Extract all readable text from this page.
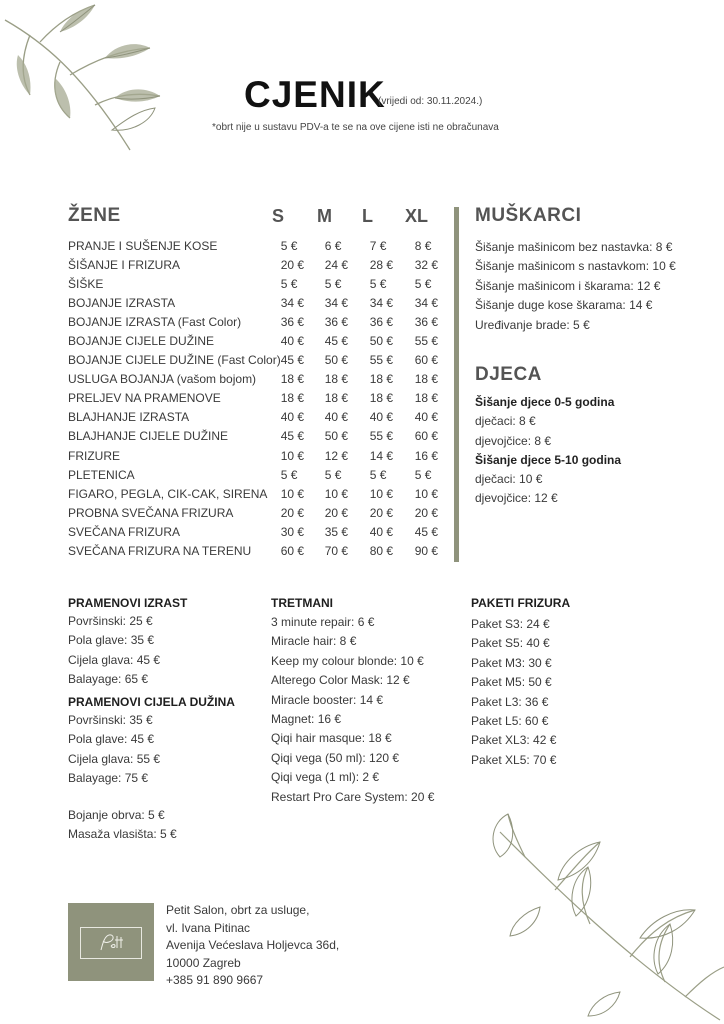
CJENIK
(vrijedi od: 30.11.2024.)
*obrt nije u sustavu PDV-a te se na ove cijene isti ne obračunava
ŽENE	S M L XL
PRANJE I SUŠENJE KOSE	5 €	6 €	7 €	8 €
ŠIŠANJE I FRIZURA	20 €	24 €	28 €	32 €
ŠIŠKE	5 €	5 €	5 €	5 €
BOJANJE IZRASTA	34 €	34 €	34 €	34 €
BOJANJE IZRASTA (Fast Color)	36 €	36 €	36 €	36 €
BOJANJE CIJELE DUŽINE	40 €	45 €	50 €	55 €
BOJANJE CIJELE DUŽINE (Fast Color)	45 €	50 €	55 €	60 €
USLUGA BOJANJA (vašom bojom)	18 €	18 €	18 €	18 €
PRELJEV NA PRAMENOVE	18 €	18 €	18 €	18 €
BLAJHANJE IZRASTA	40 €	40 €	40 €	40 €
BLAJHANJE CIJELE DUŽINE	45 €	50 €	55 €	60 €
FRIZURE	10 €	12 €	14 €	16 €
PLETENICA	5 €	5 €	5 €	5 €
FIGARO, PEGLA, CIK-CAK, SIRENA	10 €	10 €	10 €	10 €
PROBNA SVEČANA FRIZURA	20 €	20 €	20 €	20 €
SVEČANA FRIZURA	30 €	35 €	40 €	45 €
SVEČANA FRIZURA NA TERENU	60 €	70 €	80 €	90 €
MUŠKARCI
Šišanje mašinicom bez nastavka: 8 €
Šišanje mašinicom s nastavkom: 10 €
Šišanje mašinicom i škarama: 12 €
Šišanje duge kose škarama: 14 €
Uređivanje brade: 5 €
DJECA
Šišanje djece 0-5 godina
dječaci: 8 €
djevojčice: 8 €
Šišanje djece 5-10 godina
dječaci: 10 €
djevojčice: 12 €
PRAMENOVI IZRAST
Površinski: 25 €
Pola glave: 35 €
Cijela glava: 45 €
Balayage: 65 €
PRAMENOVI CIJELA DUŽINA
Površinski: 35 €
Pola glave: 45 €
Cijela glava: 55 €
Balayage: 75 €
Bojanje obrva: 5 €
Masaža vlasišta: 5 €
TRETMANI
3 minute repair: 6 €
Miracle hair: 8 €
Keep my colour blonde: 10 €
Alterego Color Mask: 12 €
Miracle booster: 14 €
Magnet: 16 €
Qiqi hair masque: 18 €
Qiqi vega (50 ml): 120 €
Qiqi vega (1 ml): 2 €
Restart Pro Care System: 20 €
PAKETI FRIZURA
Paket S3: 24 €
Paket S5: 40 €
Paket M3: 30 €
Paket M5: 50 €
Paket L3: 36 €
Paket L5: 60 €
Paket XL3: 42 €
Paket XL5: 70 €
Petit Salon, obrt za usluge,
vl. Ivana Pitinac
Avenija Većeslava Holjevca 36d,
10000 Zagreb
+385 91 890 9667
